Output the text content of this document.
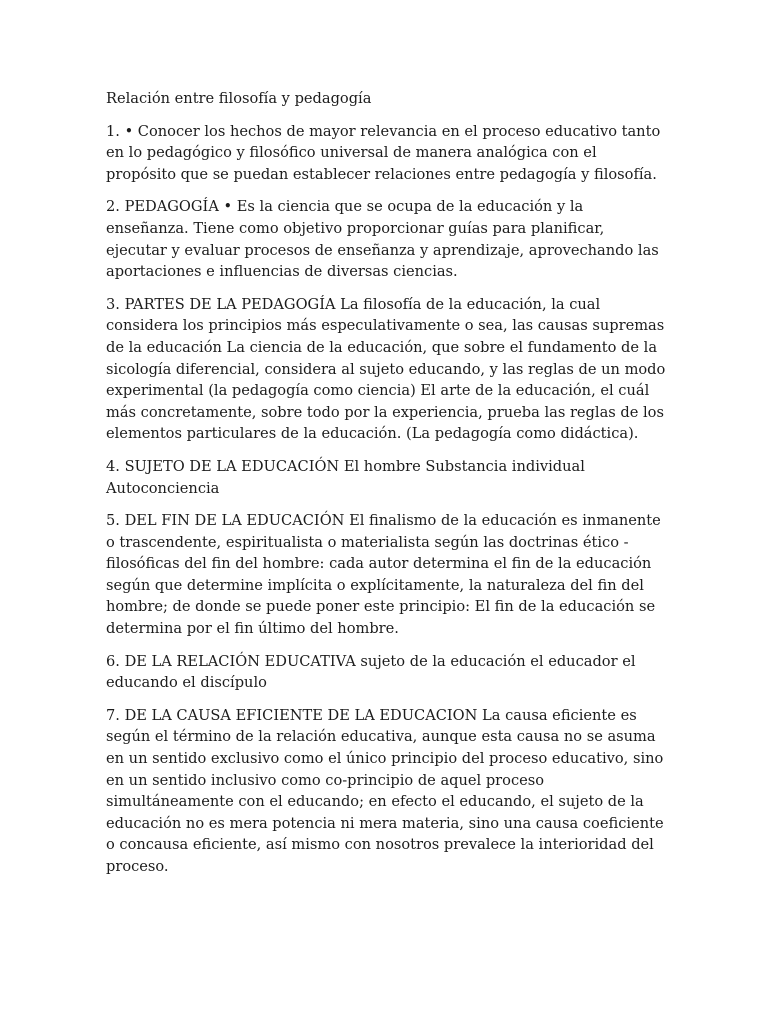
Relación entre filosofía y pedagogía

1. • Conocer los hechos de mayor relevancia en el proceso educativo tanto en lo pedagógico y filosófico universal de manera analógica con el propósito que se puedan establecer relaciones entre pedagogía y filosofía.

2. PEDAGOGÍA • Es la ciencia que se ocupa de la educación y la enseñanza. Tiene como objetivo proporcionar guías para planificar, ejecutar y evaluar procesos de enseñanza y aprendizaje, aprovechando las aportaciones e influencias de diversas ciencias.

3. PARTES DE LA PEDAGOGÍA La filosofía de la educación, la cual considera los principios más especulativamente o sea, las causas supremas de la educación La ciencia de la educación, que sobre el fundamento de la sicología diferencial, considera al sujeto educando, y las reglas de un modo experimental (la pedagogía como ciencia) El arte de la educación, el cuál más concretamente, sobre todo por la experiencia, prueba las reglas de los elementos particulares de la educación. (La pedagogía como didáctica).

4. SUJETO DE LA EDUCACIÓN El hombre Substancia individual Autoconciencia

5. DEL FIN DE LA EDUCACIÓN El finalismo de la educación es inmanente o trascendente, espiritualista o materialista según las doctrinas ético - filosóficas del fin del hombre: cada autor determina el fin de la educación según que determine implícita o explícitamente, la naturaleza del fin del hombre; de donde se puede poner este principio: El fin de la educación se determina por el fin último del hombre.

6. DE LA RELACIÓN EDUCATIVA sujeto de la educación el educador el educando el discípulo

7. DE LA CAUSA EFICIENTE DE LA EDUCACION La causa eficiente es según el término de la relación educativa, aunque esta causa no se asuma en un sentido exclusivo como el único principio del proceso educativo, sino en un sentido inclusivo como co-principio de aquel proceso simultáneamente con el educando; en efecto el educando, el sujeto de la educación no es mera potencia ni mera materia, sino una causa coeficiente o concausa eficiente, así mismo con nosotros prevalece la interioridad del proceso.
